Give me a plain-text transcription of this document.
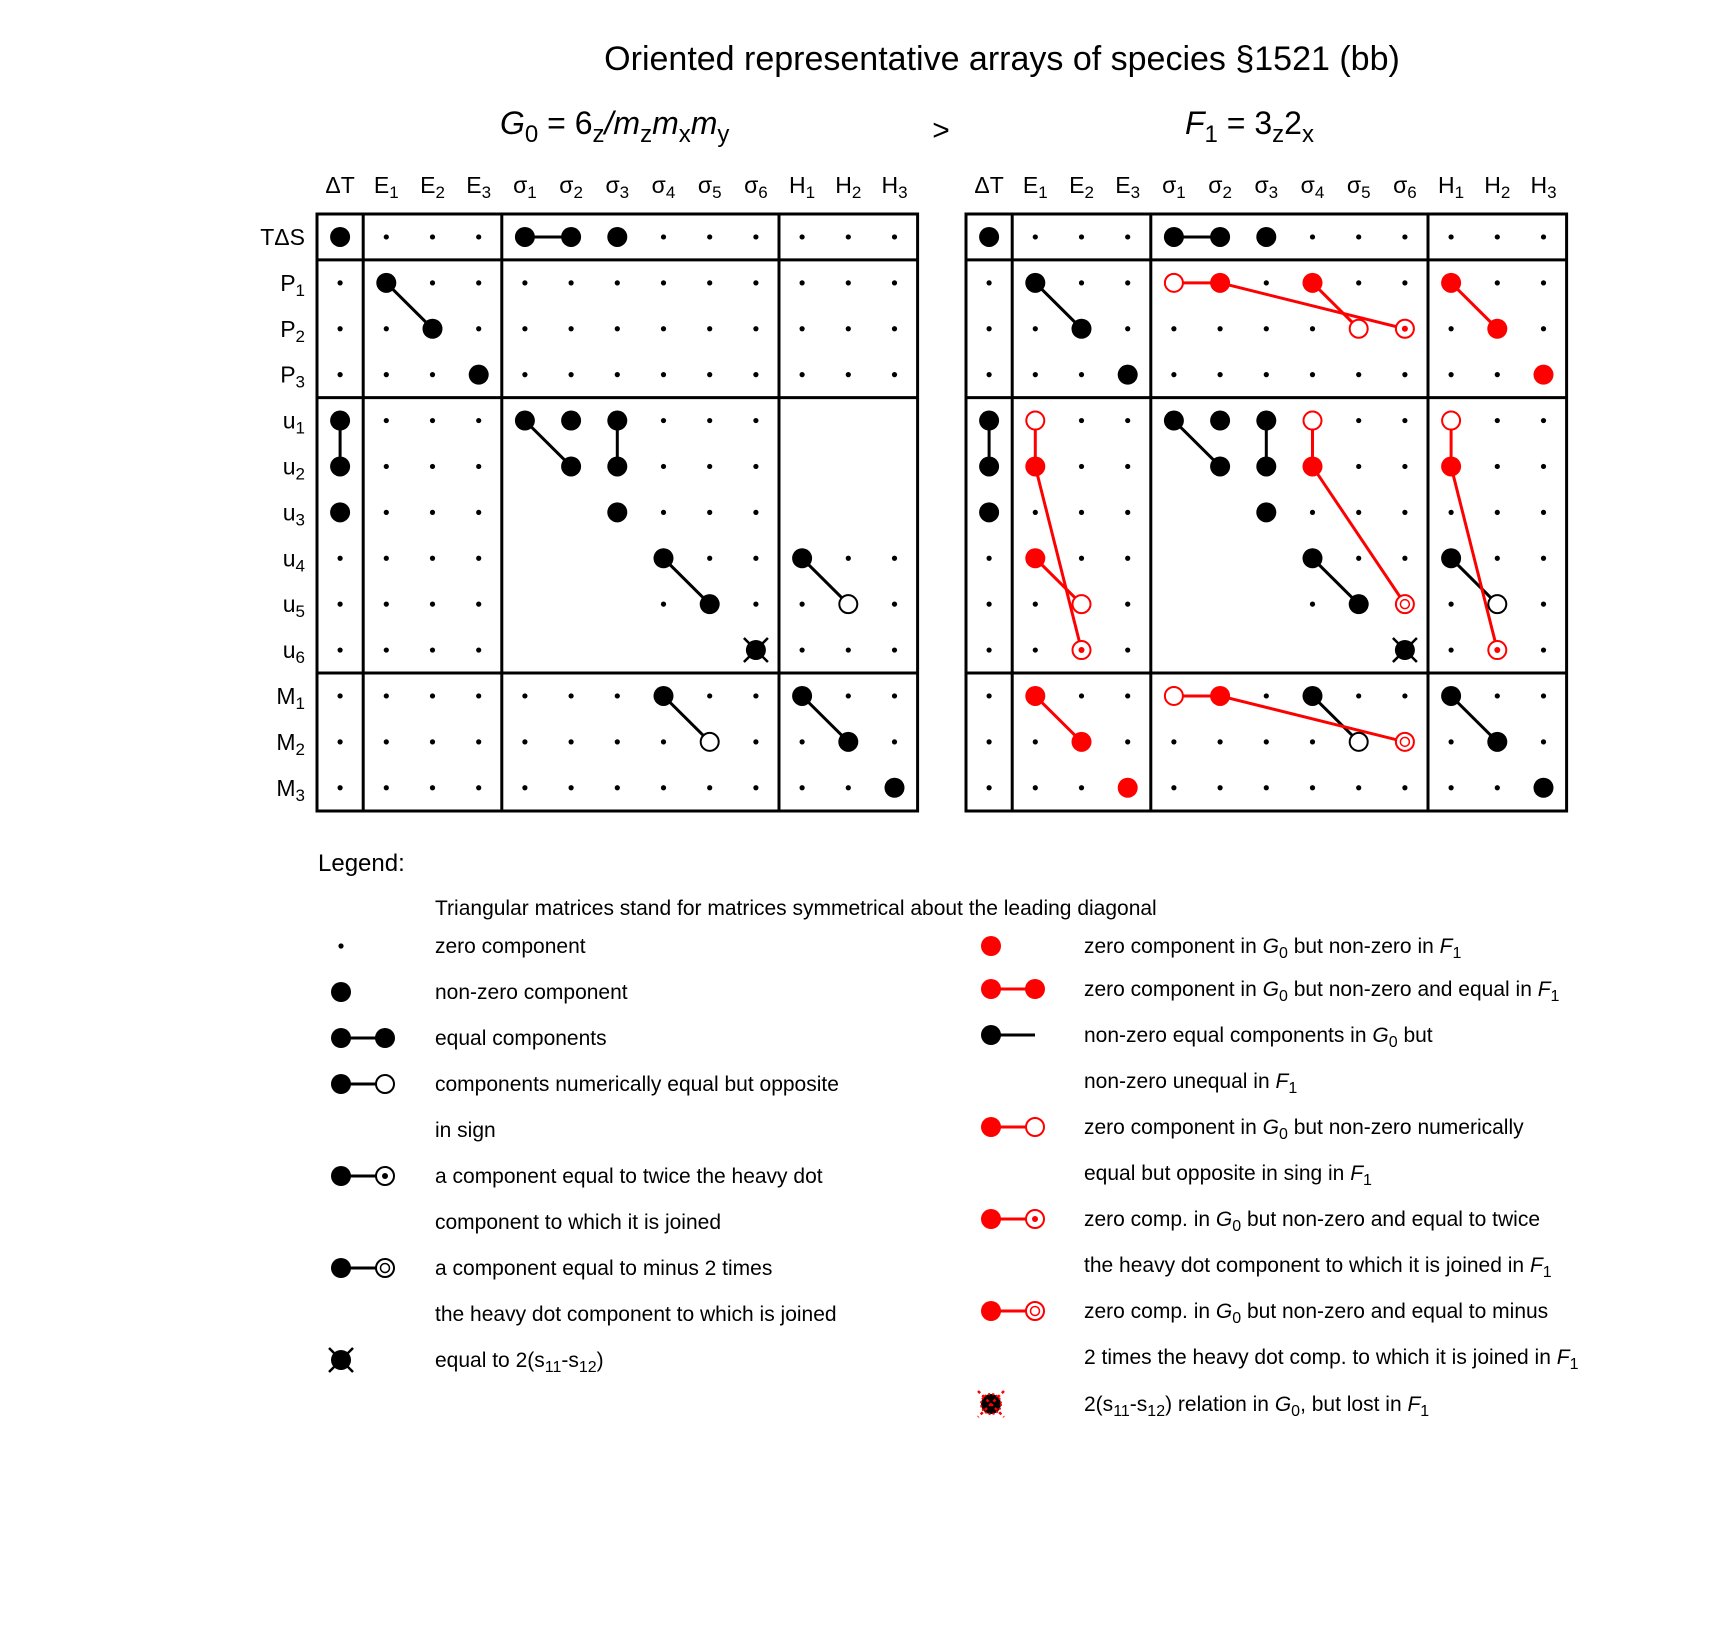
Oriented representative arrays of species §1521 (bb)
>
G0 = 6z/mzmxmy	F1 = 3z2x
ΔT E1 E2 E3 σ1 σ2 σ3 σ4 σ5 σ6 H1 H2 H3
TΔS
P1
P2
P3
u1
u2
u3
u4
u5
u6
M1
M2
M3
ΔT E1 E2 E3 σ1 σ2 σ3 σ4 σ5 σ6 H1 H2 H3
Legend:
Triangular matrices stand for matrices symmetrical about the leading diagonal
zero component
non-zero component
equal components
components numerically equal but opposite
in sign
a component equal to twice the heavy dot
component to which it is joined
a component equal to minus 2 times
the heavy dot component to which is joined
equal to 2(s11-s12)
zero component in G0 but non-zero in F1
zero component in G0 but non-zero and equal in F1
non-zero equal components in G0 but
non-zero unequal in F1
zero component in G0 but non-zero numerically
equal but opposite in sing in F1
zero comp. in G0 but non-zero and equal to twice
the heavy dot component to which it is joined in F1
zero comp. in G0 but non-zero and equal to minus
2 times the heavy dot comp. to which it is joined in F1
2(s11-s12) relation in G0, but lost in F1
